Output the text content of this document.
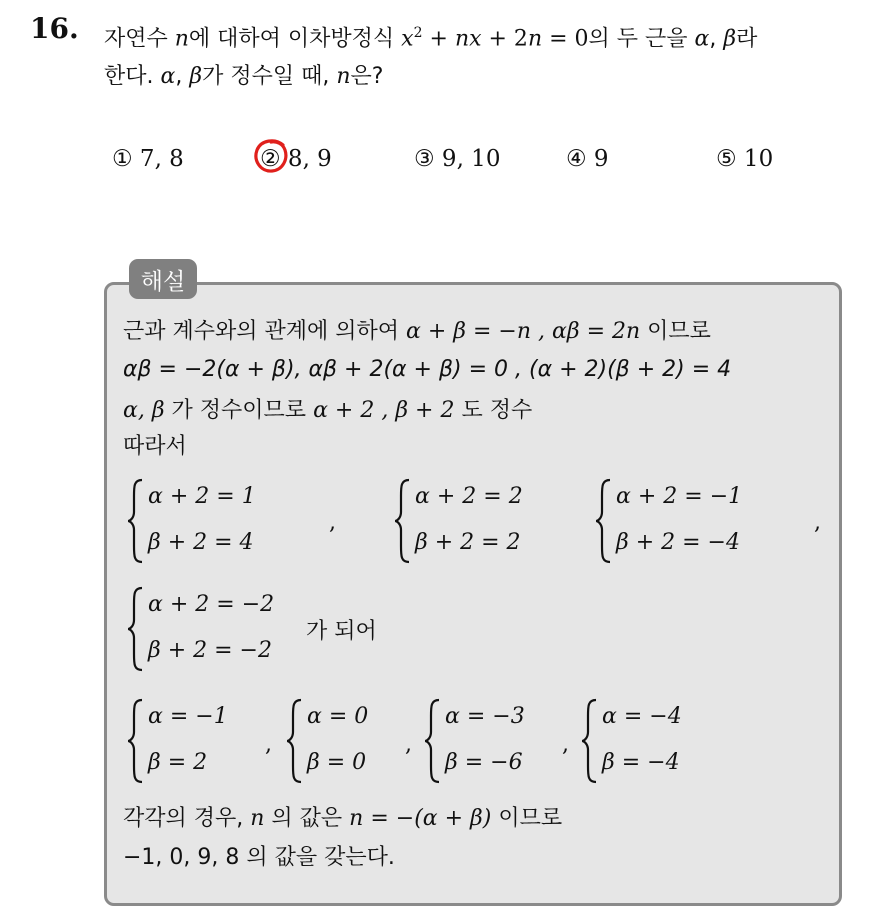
16. 자연수 n에 대하여 이차방정식 $x^2$ + nx + 2n = 0의 두 근을 α, β라
한다. α, β가 정수일 때, n은?
① 7, 8	② 8, 9	③ 9, 10	④ 9	⑤ 10
해설
근과 계수와의 관계에 의하여 α + β = −n , αβ = 2n 이므로
αβ = −2(α + β), αβ + 2(α + β) = 0 , (α + 2)(β + 2) = 4
α, β 가 정수이므로 α + 2 , β + 2 도 정수
따라서
α + 2 = 1
β + 2 = 4
,
α + 2 = 2
β + 2 = 2
α + 2 = −1
β + 2 = −4
,
α + 2 = −2
β + 2 = −2
가 되어
α = −1
β = 2
,
α = 0
β = 0
,
α = −3
β = −6
,
α = −4
β = −4
각각의 경우, n 의 값은 n = −(α + β) 이므로
−1, 0, 9, 8 의 값을 갖는다.
